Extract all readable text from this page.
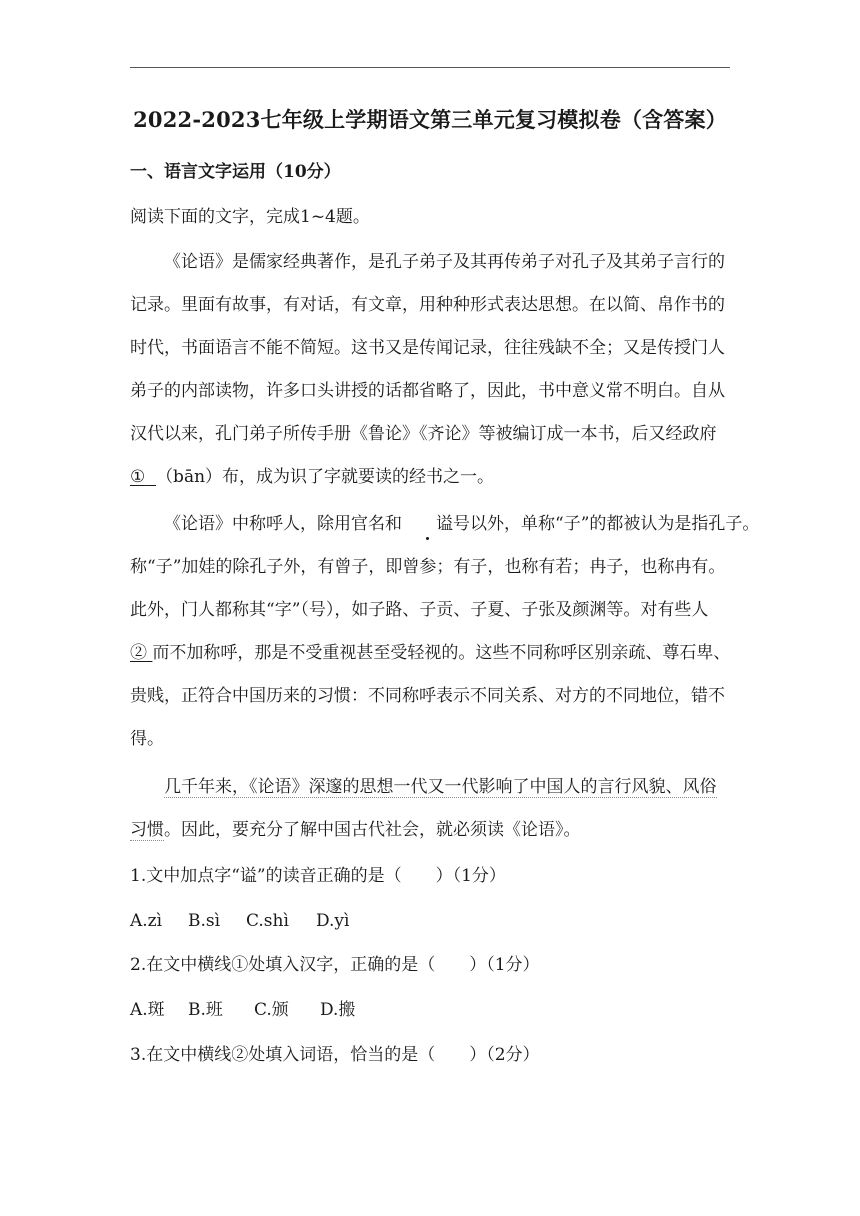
2022-2023七年级上学期语文第三单元复习模拟卷（含答案）
一、语言文字运用（10分）
阅读下面的文字，完成1~4题。
《论语》是儒家经典著作，是孔子弟子及其再传弟子对孔子及其弟子言行的
记录。里面有故事，有对话，有文章，用种种形式表达思想。在以简、帛作书的
时代，书面语言不能不简短。这书又是传闻记录，往往残缺不全；又是传授门人
弟子的内部读物，许多口头讲授的话都省略了，因此，书中意义常不明白。自从
汉代以来，孔门弟子所传手册《鲁论》《齐论》等被编订成一本书，后又经政府
① （bān）布，成为识了字就要读的经书之一。
《论语》中称呼人，除用官名和 谥号以外，单称“子”的都被认为是指孔子。
称“子”加娃的除孔子外，有曾子，即曾参；有子，也称有若；冉子，也称冉有。
此外，门人都称其“字”（号），如子路、子贡、子夏、子张及颜渊等。对有些人
② 而不加称呼，那是不受重视甚至受轻视的。这些不同称呼区别亲疏、尊石卑、
贵贱，正符合中国历来的习惯：不同称呼表示不同关系、对方的不同地位，错不
得。
几千年来，《论语》深邃的思想一代又一代影响了中国人的言行风貌、风俗
习惯。因此，要充分了解中国古代社会，就必须读《论语》。
1.文中加点字“谥”的读音正确的是（　　）（1分）
A.zì B.sì C.shì D.yì
2.在文中横线①处填入汉字，正确的是（　　）（1分）
A.斑 B.班 C.颁 D.搬
3.在文中横线②处填入词语，恰当的是（　　）（2分）
